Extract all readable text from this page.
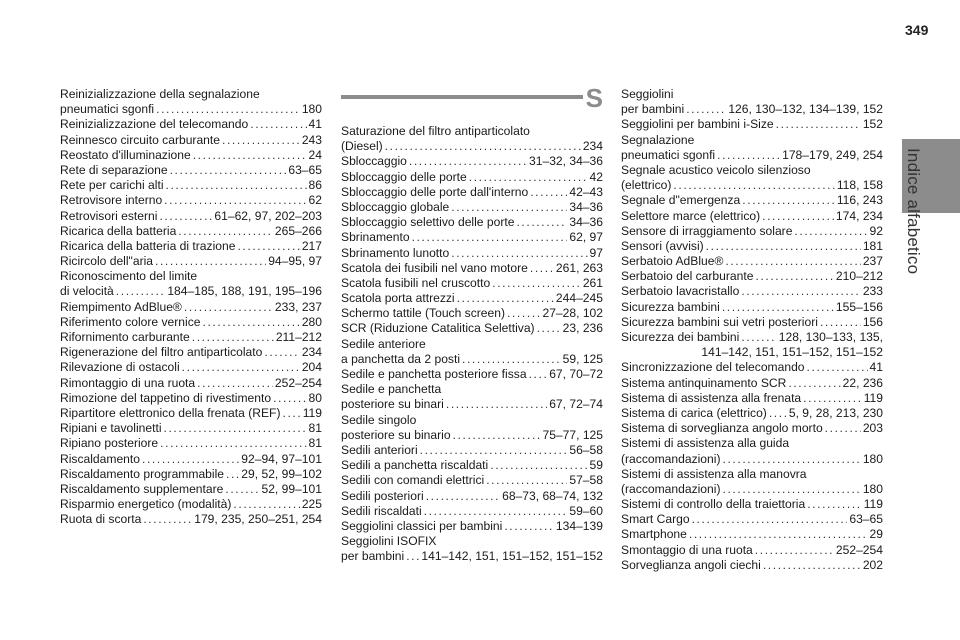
349
Indice alfabetico
S
Reinizializzazione della segnalazione
pneumatici sgonfi .....	180
Reinizializzazione del telecomando .....	41
Reinnesco circuito carburante .....	243
Reostato d'illuminazione .....	24
Rete di separazione .....	63–65
Rete per carichi alti .....	86
Retrovisore interno .....	62
Retrovisori esterni .....	61–62, 97, 202–203
Ricarica della batteria .....	265–266
Ricarica della batteria di trazione .....	217
Ricircolo dell"aria .....	94–95, 97
Riconoscimento del limite
di velocità .....	184–185, 188, 191, 195–196
Riempimento AdBlue® .....	233, 237
Riferimento colore vernice .....	280
Rifornimento carburante .....	211–212
Rigenerazione del filtro antiparticolato .....	234
Rilevazione di ostacoli .....	204
Rimontaggio di una ruota .....	252–254
Rimozione del tappetino di rivestimento .....	80
Ripartitore elettronico della frenata (REF) ..... 119
Ripiani e tavolinetti .....	81
Ripiano posteriore .....	81
Riscaldamento .....	92–94, 97–101
Riscaldamento programmabile ..... 29, 52, 99–102
Riscaldamento supplementare .....	52, 99–101
Risparmio energetico (modalità) .....	225
Ruota di scorta .....	179, 235, 250–251, 254
Saturazione del filtro antiparticolato
(Diesel) .....	234
Sbloccaggio .....	31–32, 34–36
Sbloccaggio delle porte .....	42
Sbloccaggio delle porte dall'interno .....	42–43
Sbloccaggio globale .....	34–36
Sbloccaggio selettivo delle porte .....	34–36
Sbrinamento .....	62, 97
Sbrinamento lunotto .....	97
Scatola dei fusibili nel vano motore ..... 261, 263
Scatola fusibili nel cruscotto .....	261
Scatola porta attrezzi .....	244–245
Schermo tattile (Touch screen) .....	27–28, 102
SCR (Riduzione Catalitica Selettiva) ..... 23, 236
Sedile anteriore
a panchetta da 2 posti .....	59, 125
Sedile e panchetta posteriore fissa ..... 67, 70–72
Sedile e panchetta
posteriore su binari .....	67, 72–74
Sedile singolo
posteriore su binario .....	75–77, 125
Sedili anteriori .....	56–58
Sedili a panchetta riscaldati .....	59
Sedili con comandi elettrici .....	57–58
Sedili posteriori .....	68–73, 68–74, 132
Sedili riscaldati .....	59–60
Seggiolini classici per bambini .....	134–139
Seggiolini ISOFIX
per bambini ..... 141–142, 151, 151–152, 151–152
Seggiolini
per bambini .....	126, 130–132, 134–139, 152
Seggiolini per bambini i-Size .....	152
Segnalazione
pneumatici sgonfi .....	178–179, 249, 254
Segnale acustico veicolo silenzioso
(elettrico) .....	118, 158
Segnale d"emergenza .....	116, 243
Selettore marce (elettrico) .....	174, 234
Sensore di irraggiamento solare .....	92
Sensori (avvisi) .....	181
Serbatoio AdBlue® .....	237
Serbatoio del carburante .....	210–212
Serbatoio lavacristallo .....	233
Sicurezza bambini .....	155–156
Sicurezza bambini sui vetri posteriori .....	156
Sicurezza dei bambini .....	128, 130–133, 135,
141–142, 151, 151–152, 151–152
Sincronizzazione del telecomando .....	41
Sistema antinquinamento SCR .....	22, 236
Sistema di assistenza alla frenata .....	119
Sistema di carica (elettrico) ..... 5, 9, 28, 213, 230
Sistema di sorveglianza angolo morto .....	203
Sistemi di assistenza alla guida
(raccomandazioni) .....	180
Sistemi di assistenza alla manovra
(raccomandazioni) .....	180
Sistemi di controllo della traiettoria .....	119
Smart Cargo .....	63–65
Smartphone .....	29
Smontaggio di una ruota .....	252–254
Sorveglianza angoli ciechi .....	202
